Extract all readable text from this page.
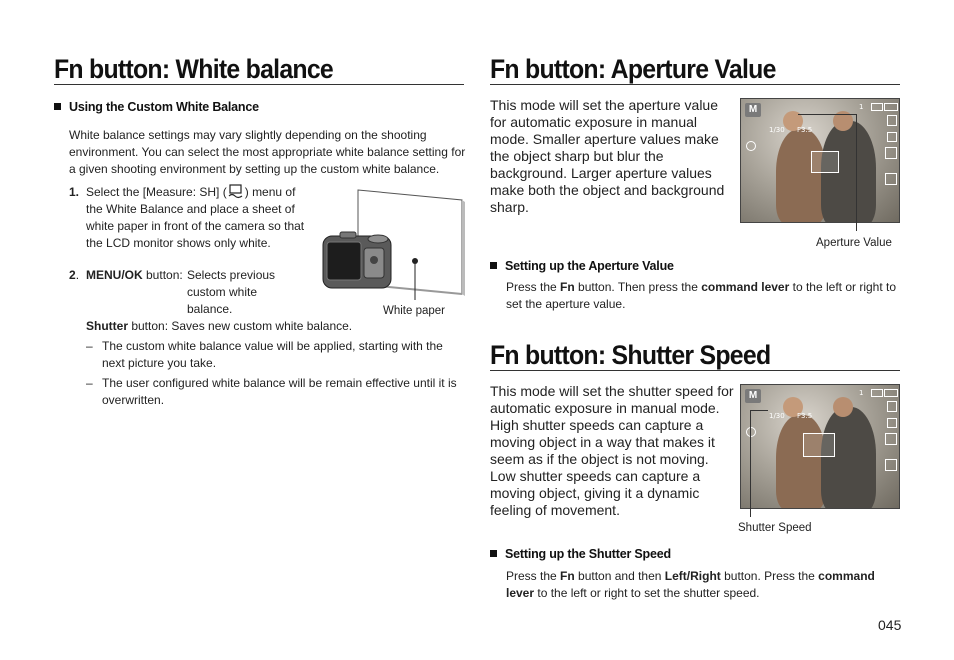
Fn button: White balance
Using the Custom White Balance
White balance settings may vary slightly depending on the shooting environment. You can select the most appropriate white balance setting for a given shooting environment by setting up the custom white balance.
1. Select the [Measure: SH] ( ) menu of the White Balance and place a sheet of white paper in front of the camera so that the LCD monitor shows only white.
White paper
2. MENU/OK button: Selects previous custom white balance.
Shutter button: Saves new custom white balance.
– The custom white balance value will be applied, starting with the next picture you take.
– The user configured white balance will be remain effective until it is overwritten.
Fn button: Aperture Value
This mode will set the aperture value for automatic exposure in manual mode. Smaller aperture values make the object sharp but blur the background. Larger aperture values make both the object and background sharp.
M
1/30 F3.5
1
Aperture Value
Setting up the Aperture Value
Press the Fn button. Then press the command lever to the left or right to set the aperture value.
Fn button: Shutter Speed
This mode will set the shutter speed for automatic exposure in manual mode. High shutter speeds can capture a moving object in a way that makes it seem as if the object is not moving. Low shutter speeds can capture a moving object, giving it a dynamic feeling of movement.
M
1/30 F3.5
1
Shutter Speed
Setting up the Shutter Speed
Press the Fn button and then Left/Right button. Press the command lever to the left or right to set the shutter speed.
045
